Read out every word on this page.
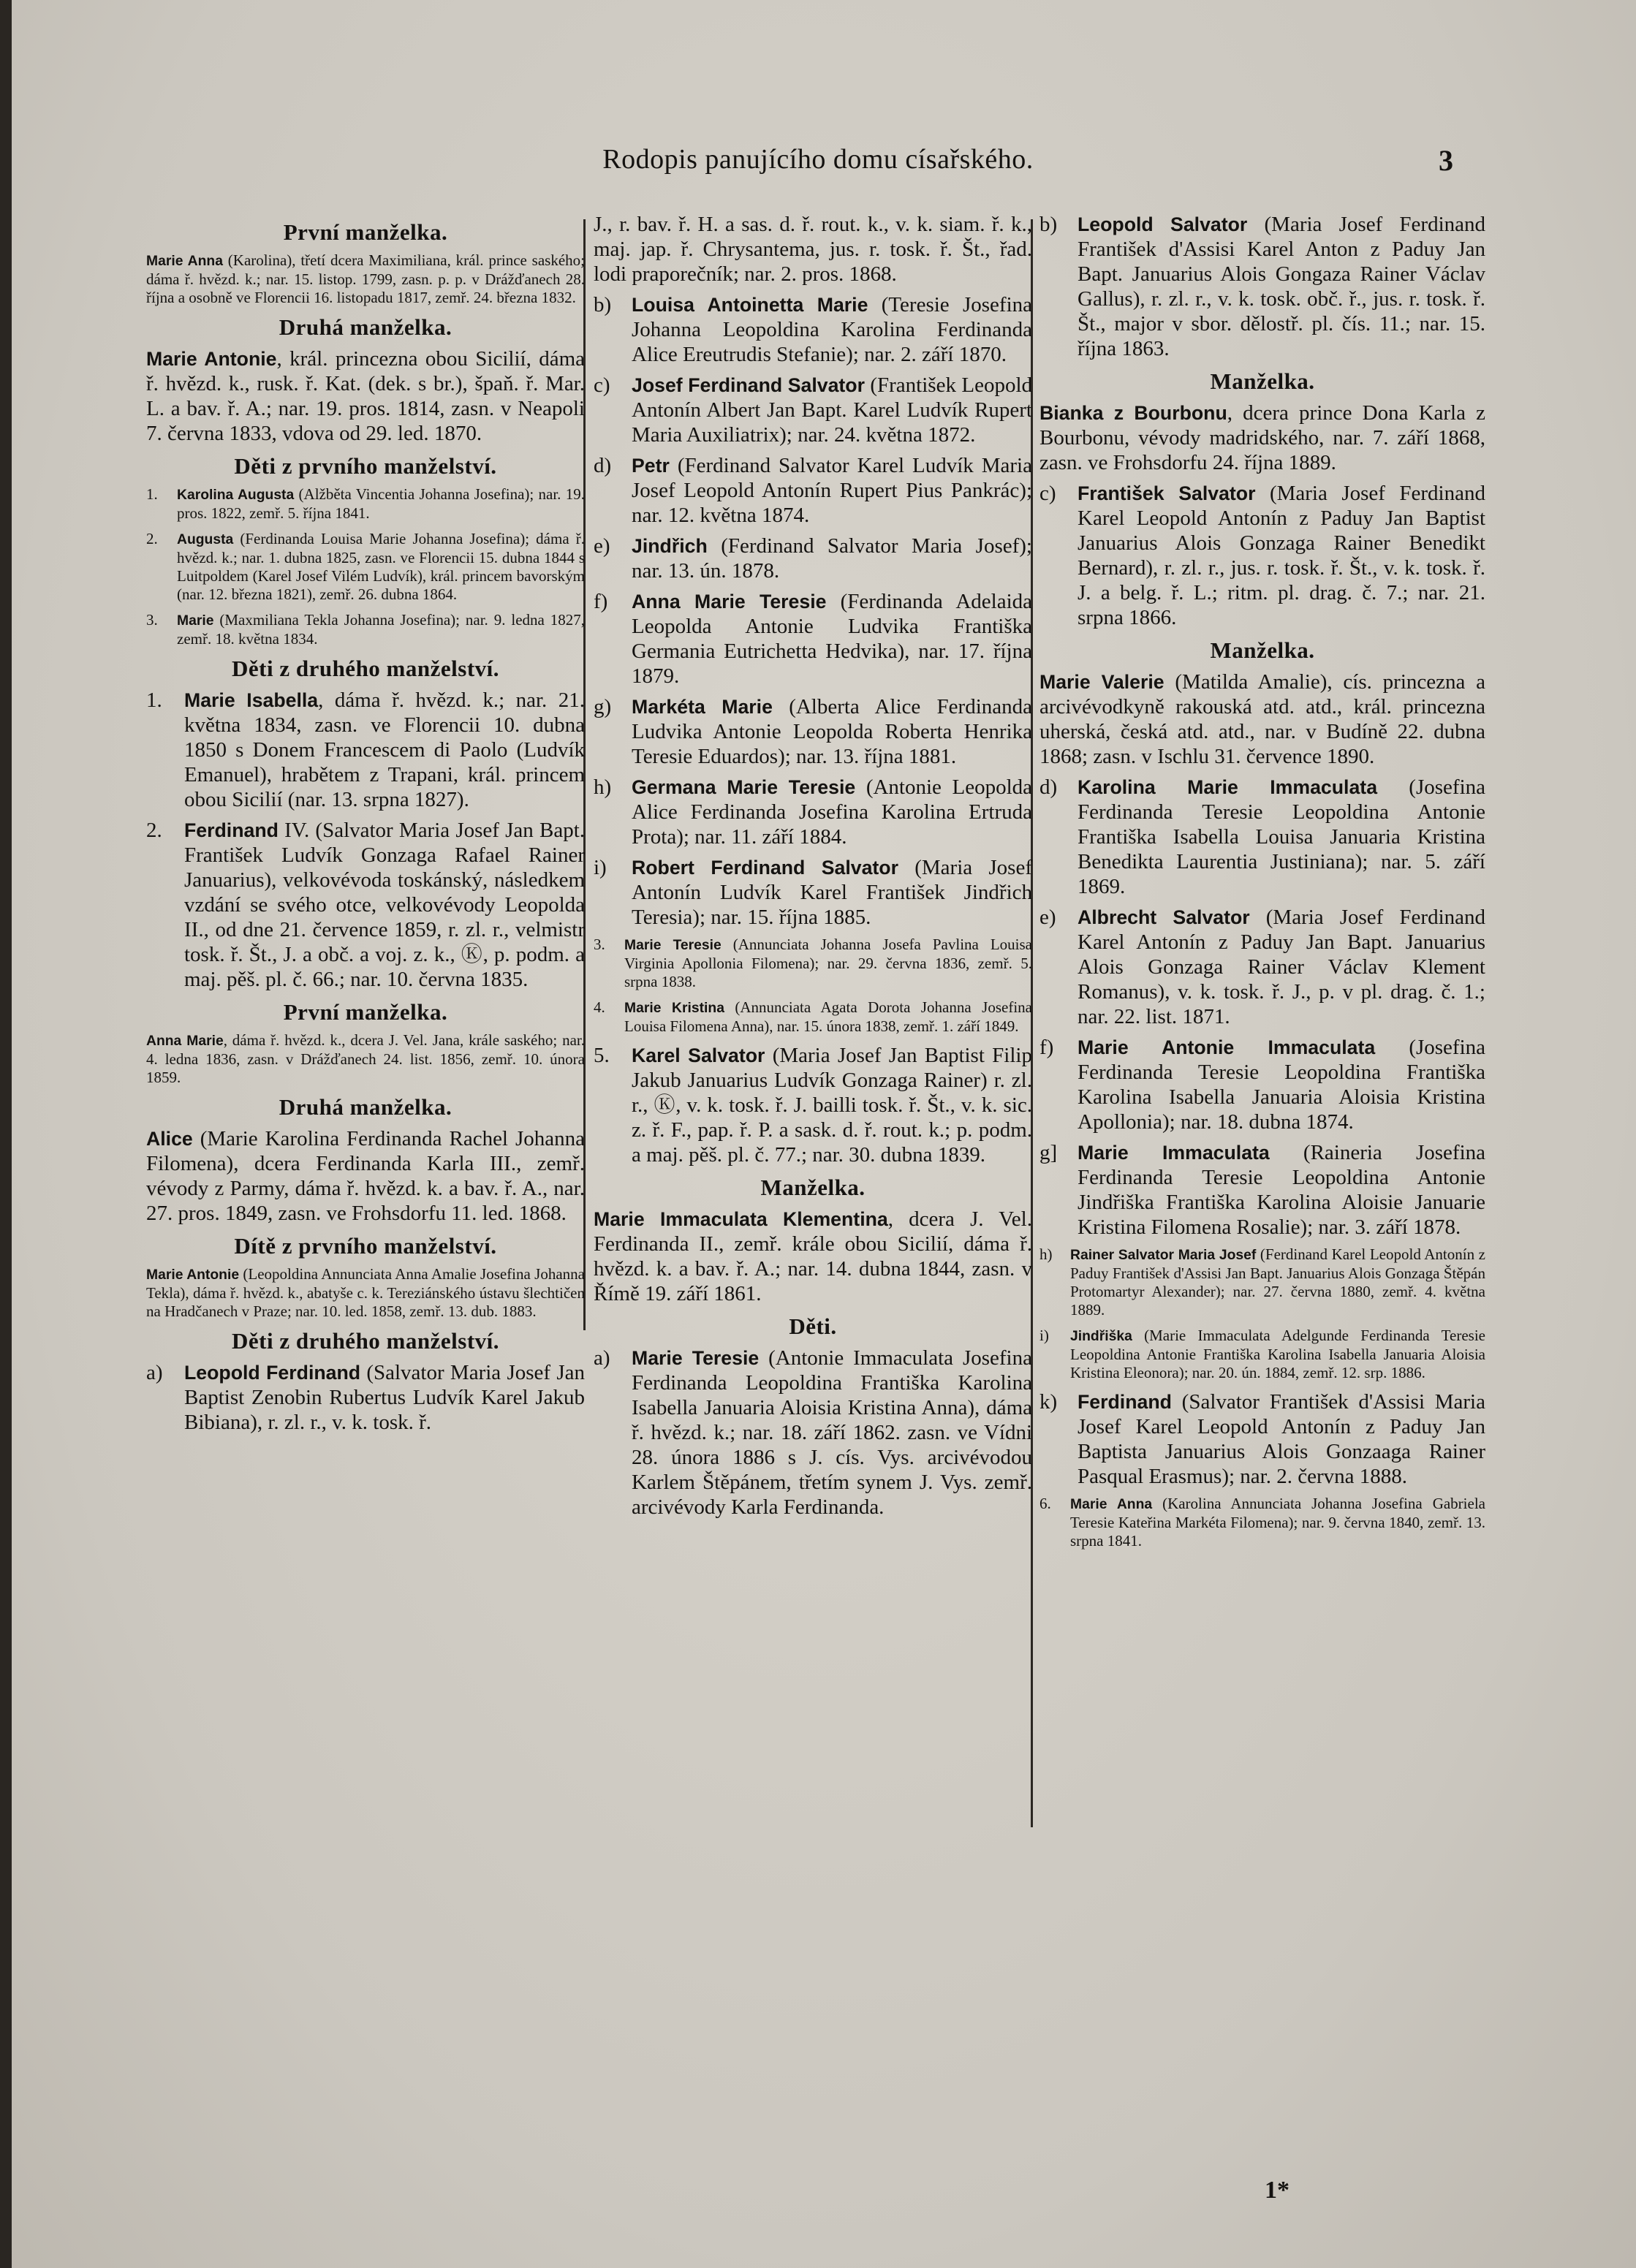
Rodopis panujícího domu císařského.	3
První manželka.
Marie Anna (Karolina), třetí dcera Maximiliana, král. prince saského; dáma ř. hvězd. k.; nar. 15. listop. 1799, zasn. p. p. v Drážďanech 28. října a osobně ve Florencii 16. listopadu 1817, zemř. 24. března 1832.
Druhá manželka.
Marie Antonie, král. princezna obou Sicilií, dáma ř. hvězd. k., rusk. ř. Kat. (dek. s br.), špaň. ř. Mar. L. a bav. ř. A.; nar. 19. pros. 1814, zasn. v Neapoli 7. června 1833, vdova od 29. led. 1870.
Děti z prvního manželství.
1. Karolina Augusta (Alžběta Vincentia Johanna Josefina); nar. 19. pros. 1822, zemř. 5. října 1841.
2. Augusta (Ferdinanda Louisa Marie Johanna Josefina); dáma ř. hvězd. k.; nar. 1. dubna 1825, zasn. ve Florencii 15. dubna 1844 s Luitpoldem (Karel Josef Vilém Ludvík), král. princem bavorským (nar. 12. března 1821), zemř. 26. dubna 1864.
3. Marie (Maxmiliana Tekla Johanna Josefina); nar. 9. ledna 1827, zemř. 18. května 1834.
Děti z druhého manželství.
1. Marie Isabella, dáma ř. hvězd. k.; nar. 21. května 1834, zasn. ve Florencii 10. dubna 1850 s Donem Francescem di Paolo (Ludvík Emanuel), hrabětem z Trapani, král. princem obou Sicilií (nar. 13. srpna 1827).
2. Ferdinand IV. (Salvator Maria Josef Jan Bapt. František Ludvík Gonzaga Rafael Rainer Januarius), velkovévoda toskánský, následkem vzdání se svého otce, velkovévody Leopolda II., od dne 21. července 1859, r. zl. r., velmistr tosk. ř. Št., J. a obč. a voj. z. k., Ⓚ, p. podm. a maj. pěš. pl. č. 66.; nar. 10. června 1835.
První manželka.
Anna Marie, dáma ř. hvězd. k., dcera J. Vel. Jana, krále saského; nar. 4. ledna 1836, zasn. v Drážďanech 24. list. 1856, zemř. 10. února 1859.
Druhá manželka.
Alice (Marie Karolina Ferdinanda Rachel Johanna Filomena), dcera Ferdinanda Karla III., zemř. vévody z Parmy, dáma ř. hvězd. k. a bav. ř. A., nar. 27. pros. 1849, zasn. ve Frohsdorfu 11. led. 1868.
Dítě z prvního manželství.
Marie Antonie (Leopoldina Annunciata Anna Amalie Josefina Johanna Tekla), dáma ř. hvězd. k., abatyše c. k. Tereziánského ústavu šlechtičen na Hradčanech v Praze; nar. 10. led. 1858, zemř. 13. dub. 1883.
Děti z druhého manželství.
a) Leopold Ferdinand (Salvator Maria Josef Jan Baptist Zenobin Rubertus Ludvík Karel Jakub Bibiana), r. zl. r., v. k. tosk. ř.
J., r. bav. ř. H. a sas. d. ř. rout. k., v. k. siam. ř. k., maj. jap. ř. Chrysantema, jus. r. tosk. ř. Št., řad. lodi praporečník; nar. 2. pros. 1868.
b) Louisa Antoinetta Marie (Teresie Josefina Johanna Leopoldina Karolina Ferdinanda Alice Ereutrudis Stefanie); nar. 2. září 1870.
c) Josef Ferdinand Salvator (František Leopold Antonín Albert Jan Bapt. Karel Ludvík Rupert Maria Auxiliatrix); nar. 24. května 1872.
d) Petr (Ferdinand Salvator Karel Ludvík Maria Josef Leopold Antonín Rupert Pius Pankrác); nar. 12. května 1874.
e) Jindřich (Ferdinand Salvator Maria Josef); nar. 13. ún. 1878.
f) Anna Marie Teresie (Ferdinanda Adelaida Leopolda Antonie Ludvika Františka Germania Eutrichetta Hedvika), nar. 17. října 1879.
g) Markéta Marie (Alberta Alice Ferdinanda Ludvika Antonie Leopolda Roberta Henrika Teresie Eduardos); nar. 13. října 1881.
h) Germana Marie Teresie (Antonie Leopolda Alice Ferdinanda Josefina Karolina Ertruda Prota); nar. 11. září 1884.
i) Robert Ferdinand Salvator (Maria Josef Antonín Ludvík Karel František Jindřich Teresia); nar. 15. října 1885.
3. Marie Teresie (Annunciata Johanna Josefa Pavlina Louisa Virginia Apollonia Filomena); nar. 29. června 1836, zemř. 5. srpna 1838.
4. Marie Kristina (Annunciata Agata Dorota Johanna Josefina Louisa Filomena Anna), nar. 15. února 1838, zemř. 1. září 1849.
5. Karel Salvator (Maria Josef Jan Baptist Filip Jakub Januarius Ludvík Gonzaga Rainer) r. zl. r., Ⓚ, v. k. tosk. ř. J. bailli tosk. ř. Št., v. k. sic. z. ř. F., pap. ř. P. a sask. d. ř. rout. k.; p. podm. a maj. pěš. pl. č. 77.; nar. 30. dubna 1839.
Manželka.
Marie Immaculata Klementina, dcera J. Vel. Ferdinanda II., zemř. krále obou Sicilií, dáma ř. hvězd. k. a bav. ř. A.; nar. 14. dubna 1844, zasn. v Římě 19. září 1861.
Děti.
a) Marie Teresie (Antonie Immaculata Josefina Ferdinanda Leopoldina Františka Karolina Isabella Januaria Aloisia Kristina Anna), dáma ř. hvězd. k.; nar. 18. září 1862. zasn. ve Vídni 28. února 1886 s J. cís. Vys. arcivévodou Karlem Štěpánem, třetím synem J. Vys. zemř. arcivévody Karla Ferdinanda.
b) Leopold Salvator (Maria Josef Ferdinand František d'Assisi Karel Anton z Paduy Jan Bapt. Januarius Alois Gongaza Rainer Václav Gallus), r. zl. r., v. k. tosk. obč. ř., jus. r. tosk. ř. Št., major v sbor. dělostř. pl. čís. 11.; nar. 15. října 1863.
Manželka.
Bianka z Bourbonu, dcera prince Dona Karla z Bourbonu, vévody madridského, nar. 7. září 1868, zasn. ve Frohsdorfu 24. října 1889.
c) František Salvator (Maria Josef Ferdinand Karel Leopold Antonín z Paduy Jan Baptist Januarius Alois Gonzaga Rainer Benedikt Bernard), r. zl. r., jus. r. tosk. ř. Št., v. k. tosk. ř. J. a belg. ř. L.; ritm. pl. drag. č. 7.; nar. 21. srpna 1866.
Manželka.
Marie Valerie (Matilda Amalie), cís. princezna a arcivévodkyně rakouská atd. atd., král. princezna uherská, česká atd. atd., nar. v Budíně 22. dubna 1868; zasn. v Ischlu 31. července 1890.
d) Karolina Marie Immaculata (Josefina Ferdinanda Teresie Leopoldina Antonie Františka Isabella Louisa Januaria Kristina Benedikta Laurentia Justiniana); nar. 5. září 1869.
e) Albrecht Salvator (Maria Josef Ferdinand Karel Antonín z Paduy Jan Bapt. Januarius Alois Gonzaga Rainer Václav Klement Romanus), v. k. tosk. ř. J., p. v pl. drag. č. 1.; nar. 22. list. 1871.
f) Marie Antonie Immaculata (Josefina Ferdinanda Teresie Leopoldina Františka Karolina Isabella Januaria Aloisia Kristina Apollonia); nar. 18. dubna 1874.
g] Marie Immaculata (Raineria Josefina Ferdinanda Teresie Leopoldina Antonie Jindřiška Františka Karolina Aloisie Januarie Kristina Filomena Rosalie); nar. 3. září 1878.
h) Rainer Salvator Maria Josef (Ferdinand Karel Leopold Antonín z Paduy František d'Assisi Jan Bapt. Januarius Alois Gonzaga Štěpán Protomartyr Alexander); nar. 27. června 1880, zemř. 4. května 1889.
i) Jindřiška (Marie Immaculata Adelgunde Ferdinanda Teresie Leopoldina Antonie Františka Karolina Isabella Januaria Aloisia Kristina Eleonora); nar. 20. ún. 1884, zemř. 12. srp. 1886.
k) Ferdinand (Salvator František d'Assisi Maria Josef Karel Leopold Antonín z Paduy Jan Baptista Januarius Alois Gonzaaga Rainer Pasqual Erasmus); nar. 2. června 1888.
6. Marie Anna (Karolina Annunciata Johanna Josefina Gabriela Teresie Kateřina Markéta Filomena); nar. 9. června 1840, zemř. 13. srpna 1841.
1*
